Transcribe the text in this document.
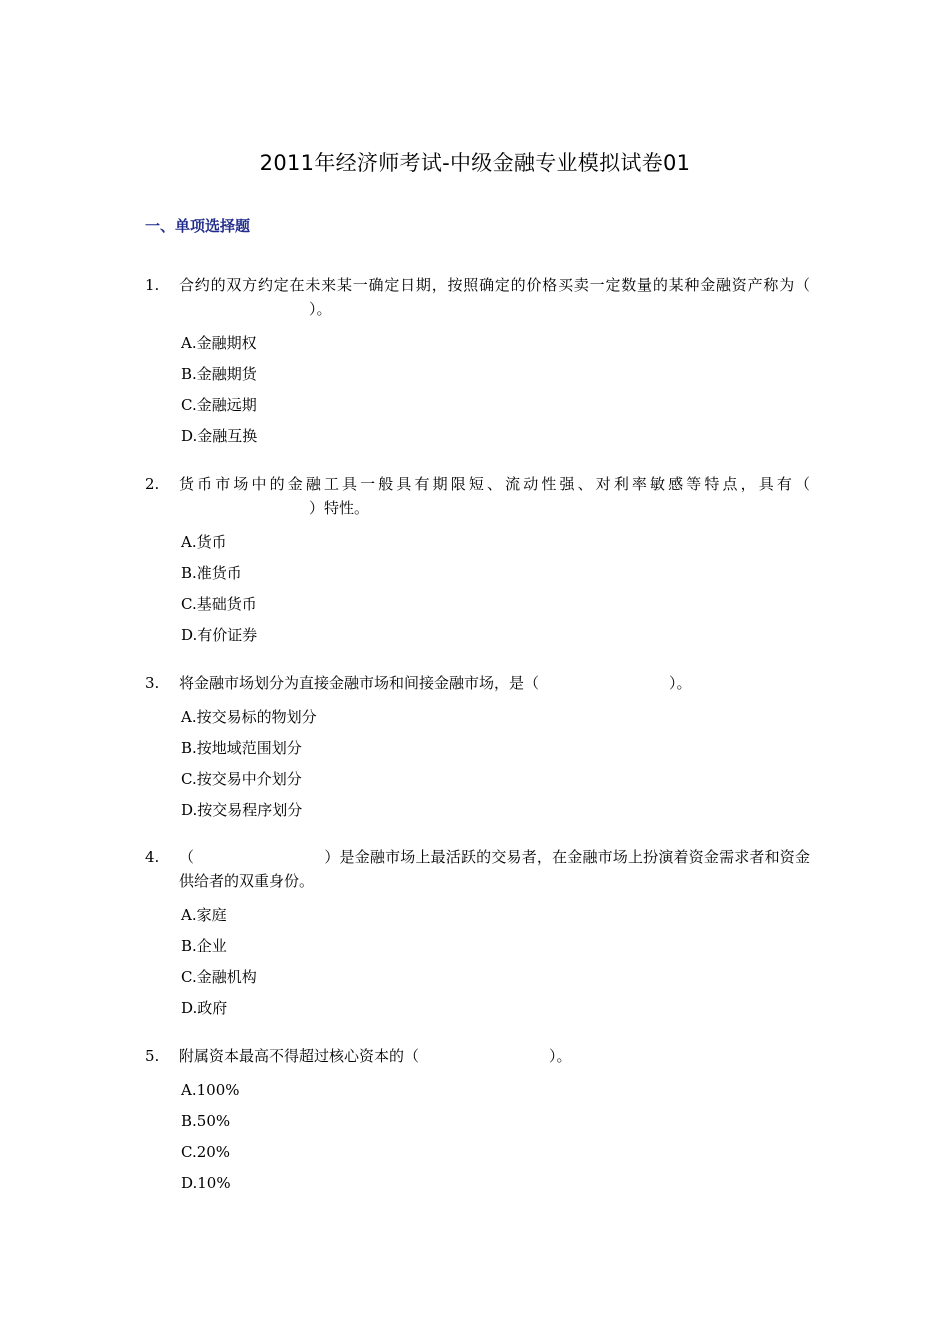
2011年经济师考试-中级金融专业模拟试卷01
一、单项选择题
1.	合约的双方约定在未来某一确定日期，按照确定的价格买卖一定数量的某种金融资产称为（）。
A.金融期权
B.金融期货
C.金融远期
D.金融互换
2.	货币市场中的金融工具一般具有期限短、流动性强、对利率敏感等特点，具有（）特性。
A.货币
B.准货币
C.基础货币
D.有价证券
3.	将金融市场划分为直接金融市场和间接金融市场，是（	）。
A.按交易标的物划分
B.按地域范围划分
C.按交易中介划分
D.按交易程序划分
4.	（	）是金融市场上最活跃的交易者，在金融市场上扮演着资金需求者和资金供给者的双重身份。
A.家庭
B.企业
C.金融机构
D.政府
5.	附属资本最高不得超过核心资本的（	）。
A.100%
B.50%
C.20%
D.10%
